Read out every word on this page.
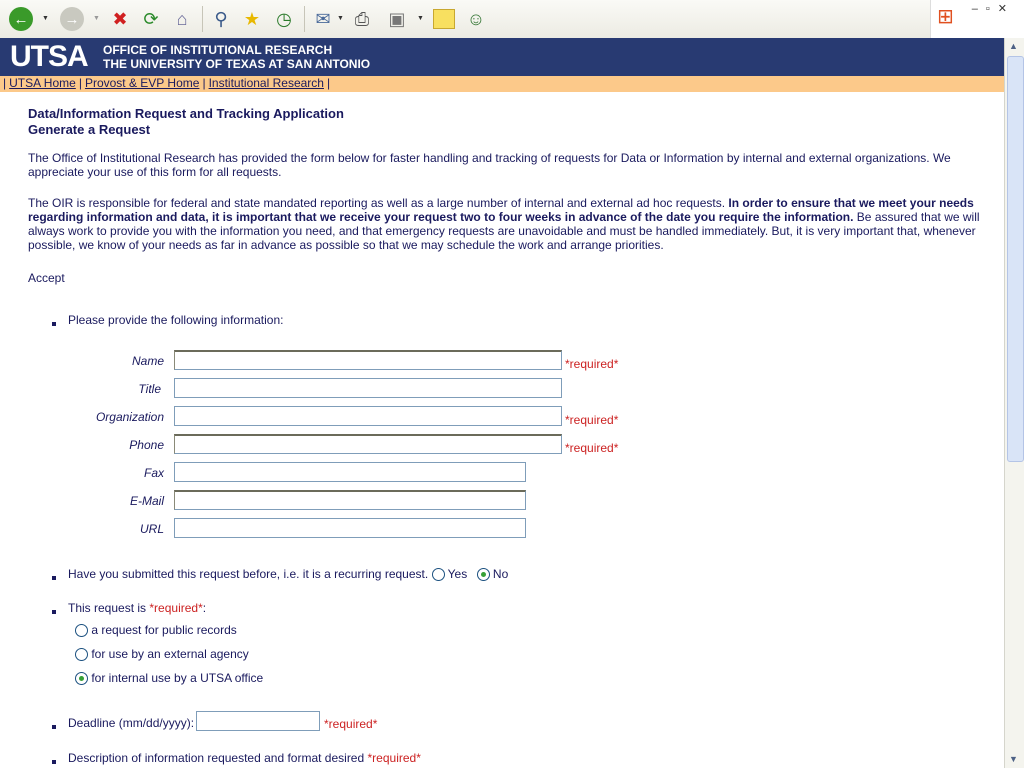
←	▼	→	▼ ✖ ⟳	⌂	⚲ ★ ◷ ✉ ▼ ⎙ ▣	▼ ☺	⊞ –▫✕
UTSA OFFICE OF INSTITUTIONAL RESEARCH
THE UNIVERSITY OF TEXAS AT SAN ANTONIO
| UTSA Home | Provost & EVP Home | Institutional Research |
▲
▼
Data/Information Request and Tracking Application
Generate a Request

The Office of Institutional Research has provided the form below for faster handling and tracking of requests for Data or Information by internal and external organizations. We appreciate your use of this form for all requests.

The OIR is responsible for federal and state mandated reporting as well as a large number of internal and external ad hoc requests. In order to ensure that we meet your needs regarding information and data, it is important that we receive your request two to four weeks in advance of the date you require the information. Be assured that we will always work to provide you with the information you need, and that emergency requests are unavoidable and must be handled immediately. But, it is very important that, whenever possible, we know of your needs as far in advance as possible so that we may schedule the work and arrange priorities.

Accept

Please provide the following information:
Name	*required*
Title
Organization	*required*
Phone	*required*
Fax
E-Mail
URL
Have you submitted this request before, i.e. it is a recurring request. Yes No
This request is *required*:
a request for public records
for use by an external agency
for internal use by a UTSA office
Deadline (mm/dd/yyyy):	*required*
Description of information requested and format desired *required*
